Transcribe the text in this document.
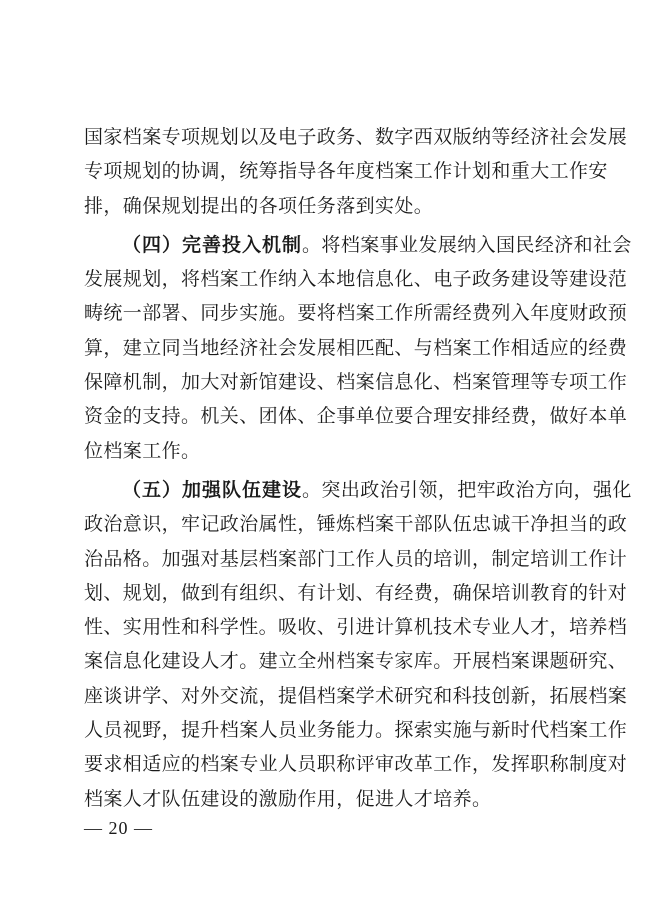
国家档案专项规划以及电子政务、数字西双版纳等经济社会发展
专项规划的协调，统筹指导各年度档案工作计划和重大工作安
排，确保规划提出的各项任务落到实处。
（四）完善投入机制。将档案事业发展纳入国民经济和社会
发展规划，将档案工作纳入本地信息化、电子政务建设等建设范
畴统一部署、同步实施。要将档案工作所需经费列入年度财政预
算，建立同当地经济社会发展相匹配、与档案工作相适应的经费
保障机制，加大对新馆建设、档案信息化、档案管理等专项工作
资金的支持。机关、团体、企事单位要合理安排经费，做好本单
位档案工作。
（五）加强队伍建设。突出政治引领，把牢政治方向，强化
政治意识，牢记政治属性，锤炼档案干部队伍忠诚干净担当的政
治品格。加强对基层档案部门工作人员的培训，制定培训工作计
划、规划，做到有组织、有计划、有经费，确保培训教育的针对
性、实用性和科学性。吸收、引进计算机技术专业人才，培养档
案信息化建设人才。建立全州档案专家库。开展档案课题研究、
座谈讲学、对外交流，提倡档案学术研究和科技创新，拓展档案
人员视野，提升档案人员业务能力。探索实施与新时代档案工作
要求相适应的档案专业人员职称评审改革工作，发挥职称制度对
档案人才队伍建设的激励作用，促进人才培养。
— 20 —
